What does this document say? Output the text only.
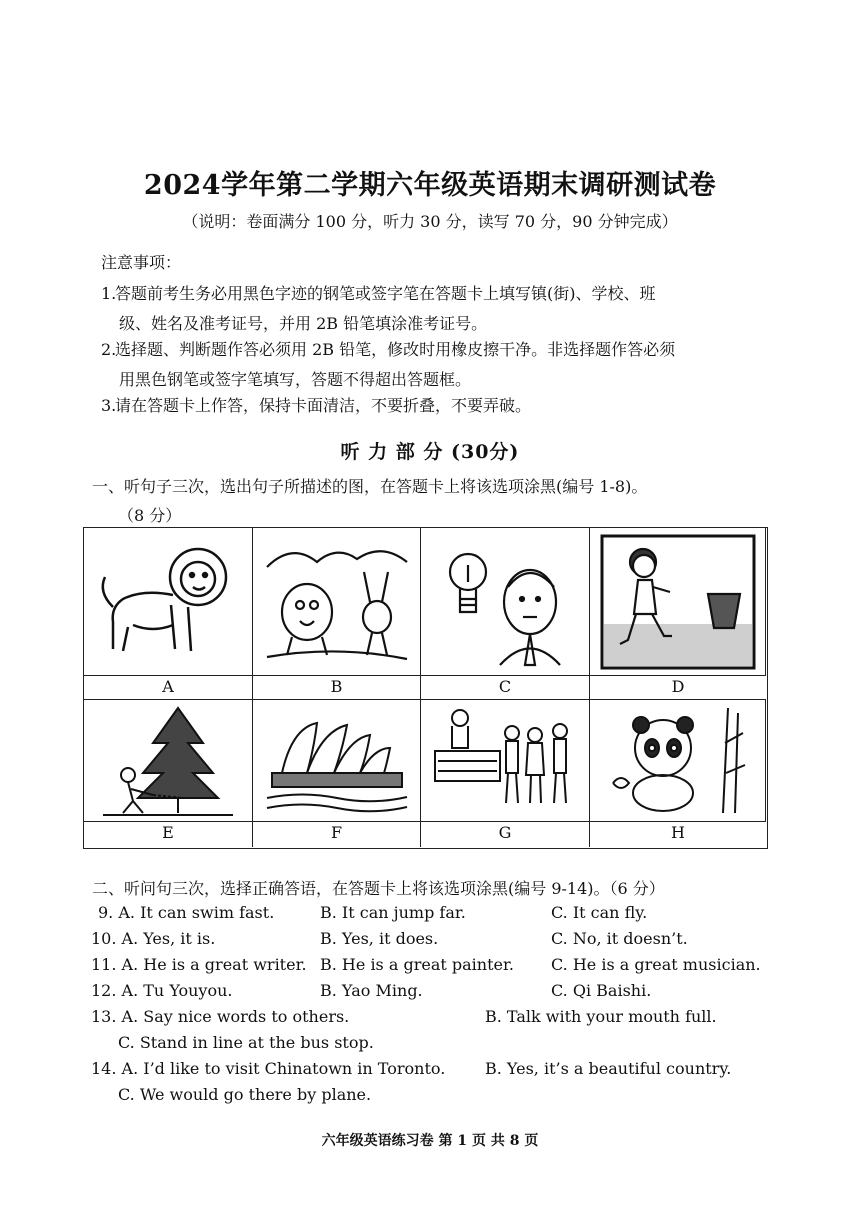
2024学年第二学期六年级英语期末调研测试卷
（说明：卷面满分 100 分，听力 30 分，读写 70 分，90 分钟完成）
注意事项：
1.答题前考生务必用黑色字迹的钢笔或签字笔在答题卡上填写镇(街)、学校、班
级、姓名及准考证号，并用 2B 铅笔填涂准考证号。
2.选择题、判断题作答必须用 2B 铅笔，修改时用橡皮擦干净。非选择题作答必须
用黑色钢笔或签字笔填写，答题不得超出答题框。
3.请在答题卡上作答，保持卡面清洁，不要折叠，不要弄破。
听 力 部 分 (30分)
一、听句子三次，选出句子所描述的图，在答题卡上将该选项涂黑(编号 1-8)。
（8 分）
A	B	C	D
E	F	G	H
二、听问句三次，选择正确答语，在答题卡上将该选项涂黑(编号 9-14)。（6 分）
9. A. It can swim fast.	B. It can jump far.	C. It can fly.
10. A. Yes, it is.	B. Yes, it does.	C. No, it doesn’t.
11. A. He is a great writer. B. He is a great painter. C. He is a great musician.
12. A. Tu Youyou.	B. Yao Ming.	C. Qi Baishi.
13. A. Say nice words to others.	B. Talk with your mouth full.
C. Stand in line at the bus stop.
14. A. I’d like to visit Chinatown in Toronto. B. Yes, it’s a beautiful country.
C. We would go there by plane.
六年级英语练习卷 第 1 页 共 8 页
